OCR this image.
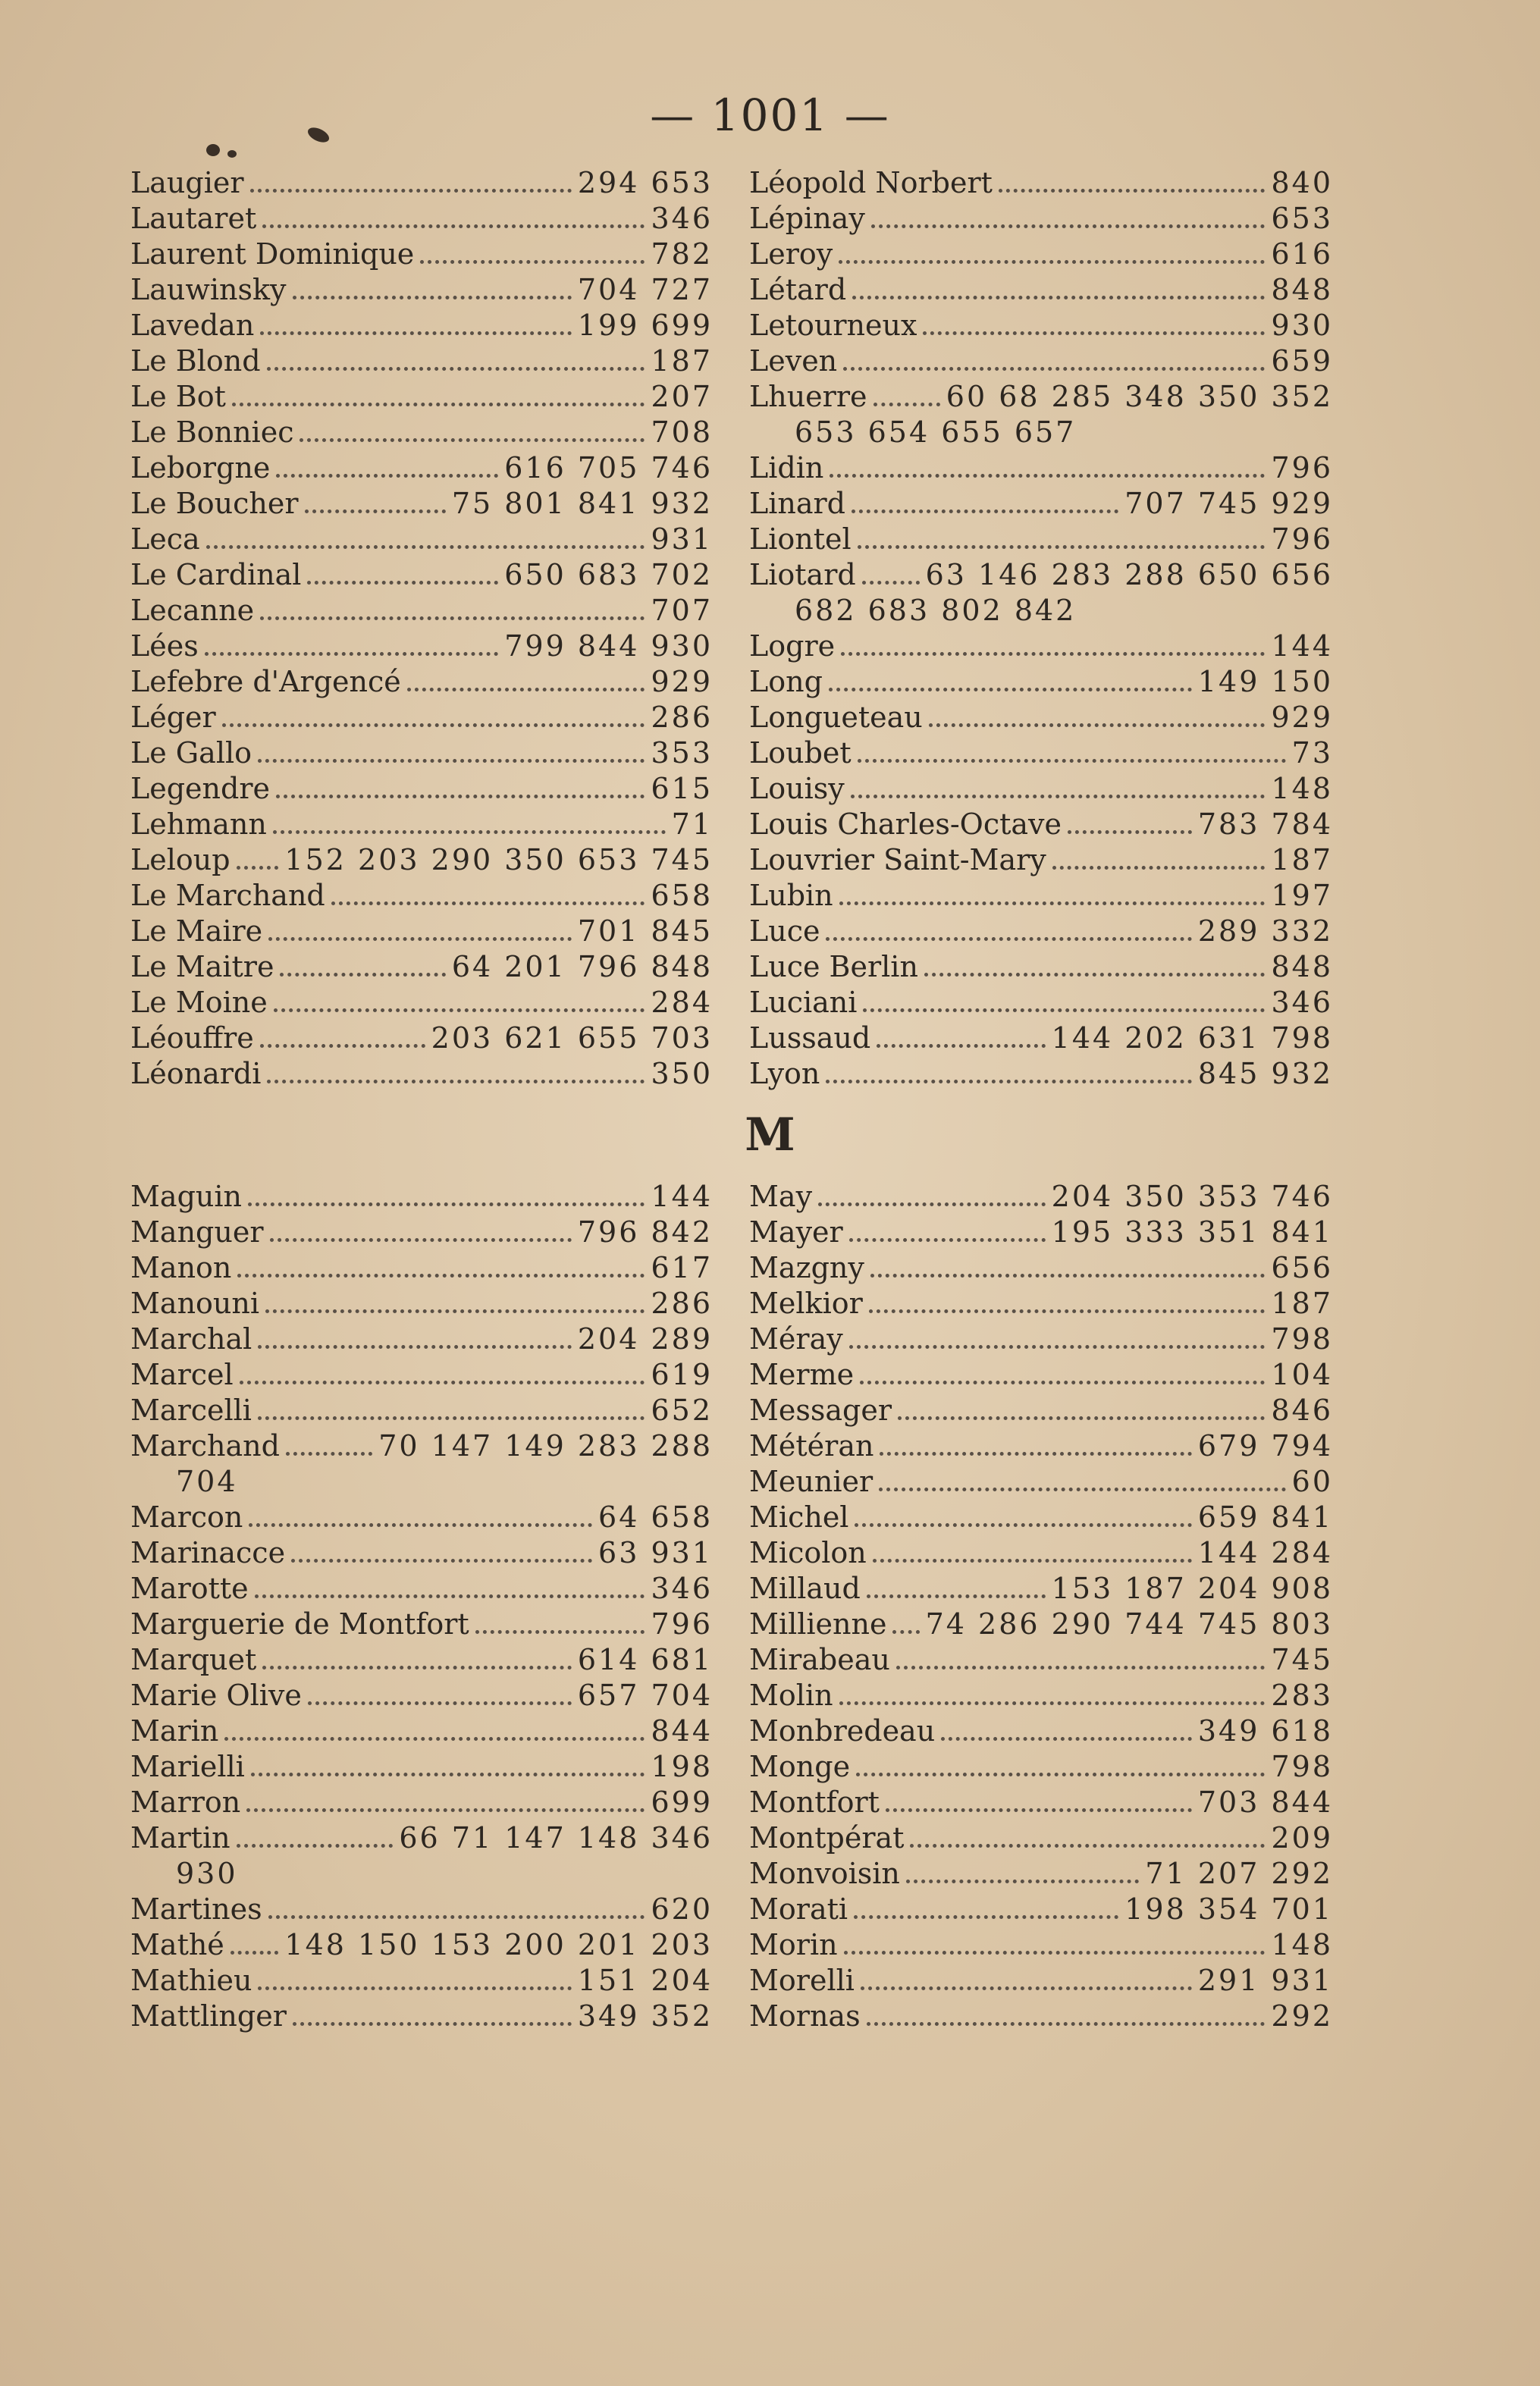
— 1001 —
Laugier	294 653
Lautaret	346
Laurent Dominique	782
Lauwinsky	704 727
Lavedan	199 699
Le Blond	187
Le Bot	207
Le Bonniec	708
Leborgne	616 705 746
Le Boucher	75 801 841 932
Leca	931
Le Cardinal	650 683 702
Lecanne	707
Lées	799 844 930
Lefebre d'Argencé	929
Léger	286
Le Gallo	353
Legendre	615
Lehmann	71
Leloup 152 203 290 350 653 745
Le Marchand	658
Le Maire	701 845
Le Maitre	64 201 796 848
Le Moine	284
Léouffre	203 621 655 703
Léonardi	350
Léopold Norbert	840
Lépinay	653
Leroy	616
Létard	848
Letourneux	930
Leven	659
Lhuerre	60 68 285 348 350 352
653 654 655 657
Lidin	796
Linard	707 745 929
Liontel	796
Liotard 63 146 283 288 650 656
682 683 802 842
Logre	144
Long	149 150
Longueteau	929
Loubet	73
Louisy	148
Louis Charles-Octave	783 784
Louvrier Saint-Mary	187
Lubin	197
Luce	289 332
Luce Berlin	848
Luciani	346
Lussaud	144 202 631 798
Lyon	845 932
M
Maguin	144
Manguer	796 842
Manon	617
Manouni	286
Marchal	204 289
Marcel	619
Marcelli	652
Marchand	70 147 149 283 288
704
Marcon	64 658
Marinacce	63 931
Marotte	346
Marguerie de Montfort	796
Marquet	614 681
Marie Olive	657 704
Marin	844
Marielli	198
Marron	699
Martin	66 71 147 148 346
930
Martines	620
Mathé 148 150 153 200 201 203
Mathieu	151 204
Mattlinger	349 352
May	204 350 353 746
Mayer	195 333 351 841
Mazgny	656
Melkior	187
Méray	798
Merme	104
Messager	846
Météran	679 794
Meunier	60
Michel	659 841
Micolon	144 284
Millaud	153 187 204 908
Millienne 74 286 290 744 745 803
Mirabeau	745
Molin	283
Monbredeau	349 618
Monge	798
Montfort	703 844
Montpérat	209
Monvoisin	71 207 292
Morati	198 354 701
Morin	148
Morelli	291 931
Mornas	292
